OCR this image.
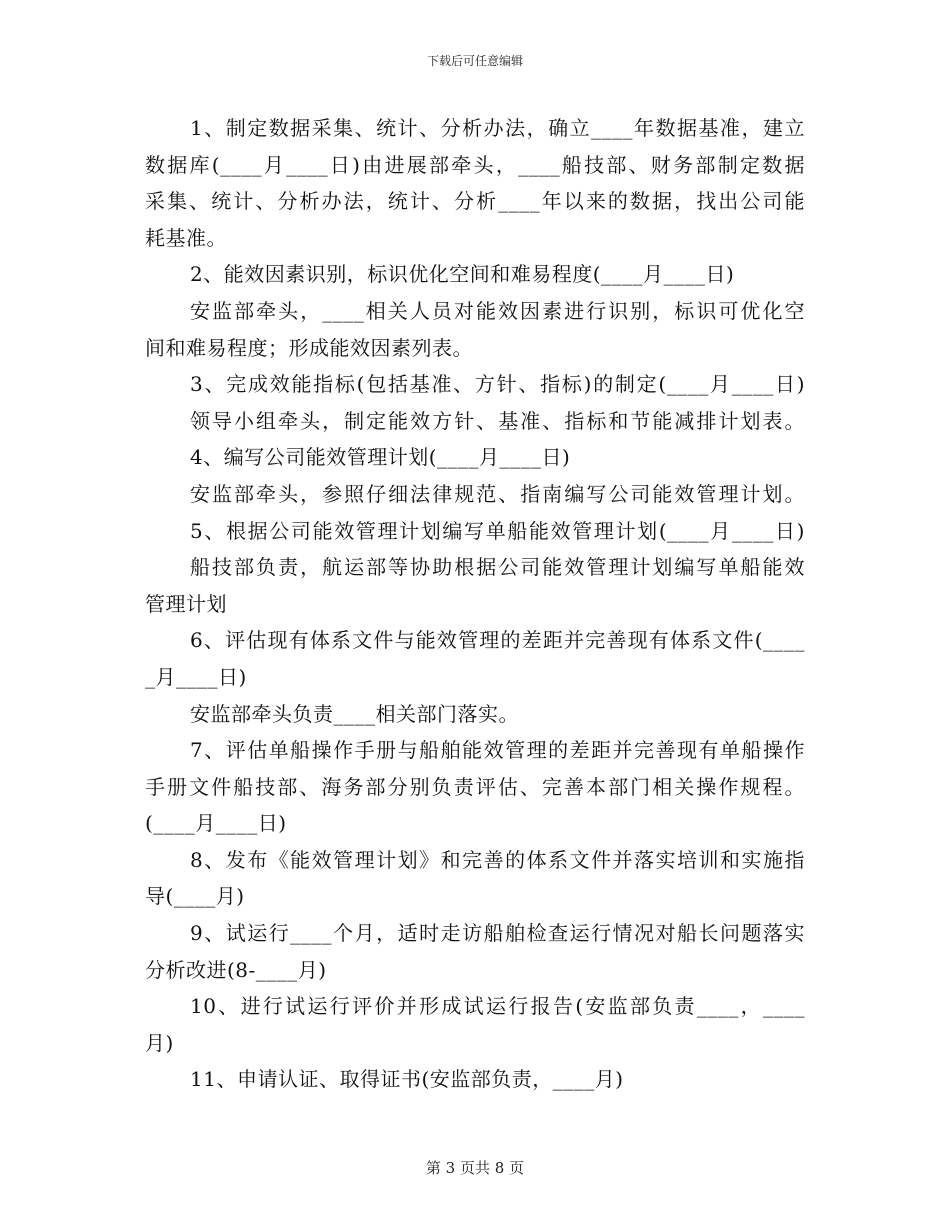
下载后可任意编辑
1、制定数据采集、统计、分析办法，确立____年数据基准，建立
数据库(____月____日)由进展部牵头，____船技部、财务部制定数据
采集、统计、分析办法，统计、分析____年以来的数据，找出公司能
耗基准。
2、能效因素识别，标识优化空间和难易程度(____月____日)
安监部牵头，____相关人员对能效因素进行识别，标识可优化空
间和难易程度；形成能效因素列表。
3、完成效能指标(包括基准、方针、指标)的制定(____月____日)
领导小组牵头，制定能效方针、基准、指标和节能减排计划表。
4、编写公司能效管理计划(____月____日)
安监部牵头，参照仔细法律规范、指南编写公司能效管理计划。
5、根据公司能效管理计划编写单船能效管理计划(____月____日)
船技部负责，航运部等协助根据公司能效管理计划编写单船能效
管理计划
6、评估现有体系文件与能效管理的差距并完善现有体系文件(____
_月____日)
安监部牵头负责____相关部门落实。
7、评估单船操作手册与船舶能效管理的差距并完善现有单船操作
手册文件船技部、海务部分别负责评估、完善本部门相关操作规程。
(____月____日)
8、发布《能效管理计划》和完善的体系文件并落实培训和实施指
导(____月)
9、试运行____个月，适时走访船舶检查运行情况对船长问题落实
分析改进(8-____月)
10、进行试运行评价并形成试运行报告(安监部负责____，____
月)
11、申请认证、取得证书(安监部负责，____月)
第 3 页共 8 页
